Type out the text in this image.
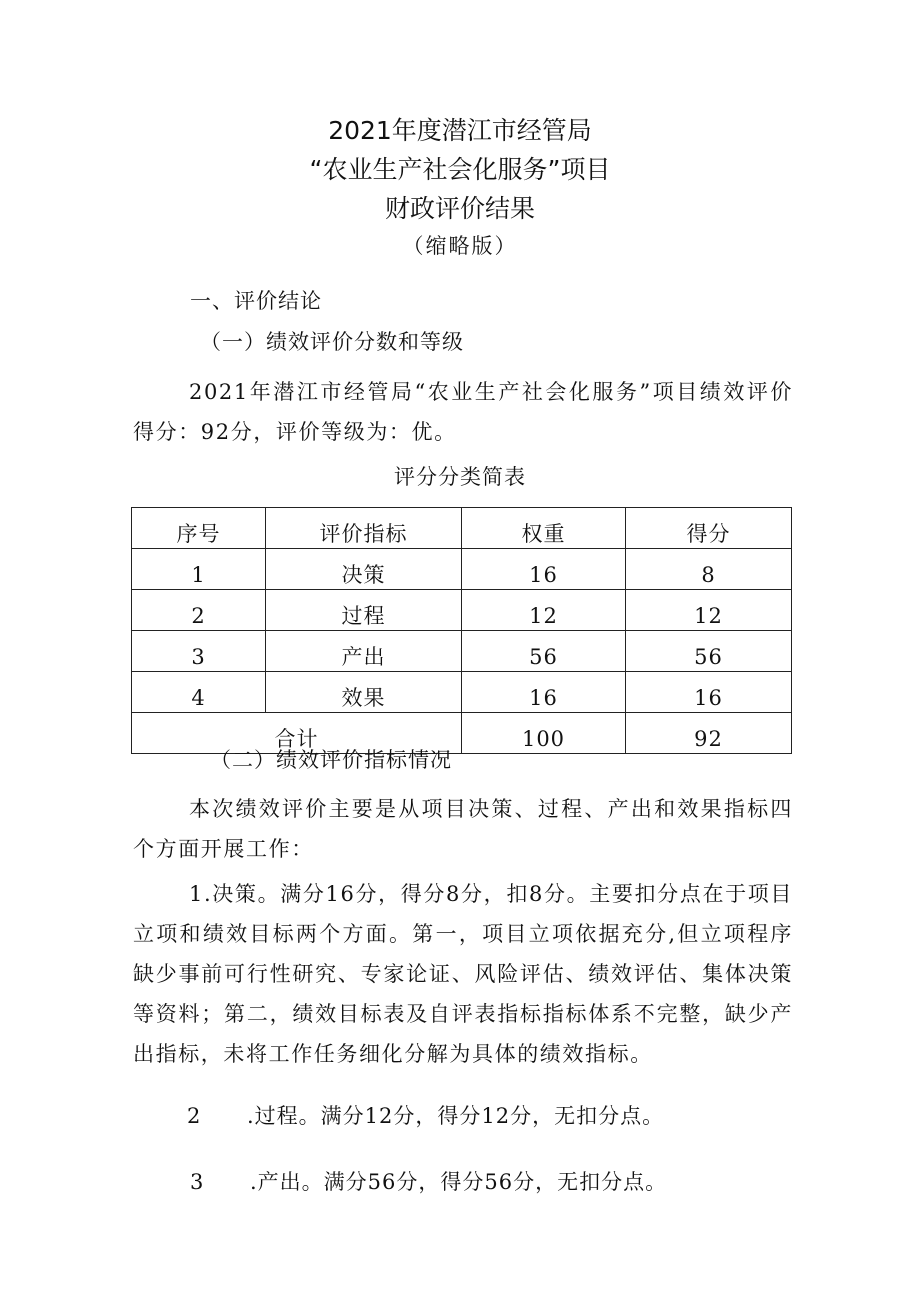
2021年度潜江市经管局
“农业生产社会化服务”项目
财政评价结果
（缩略版）
一、评价结论
（一）绩效评价分数和等级
2021年潜江市经管局“农业生产社会化服务”项目绩效评价得分：92分，评价等级为：优。
评分分类简表
序号	评价指标	权重	得分
1	决策	16	8
2	过程	12	12
3	产出	56	56
4	效果	16	16
合计		100	92
（二）绩效评价指标情况
本次绩效评价主要是从项目决策、过程、产出和效果指标四个方面开展工作：
1.决策。满分16分，得分8分，扣8分。主要扣分点在于项目立项和绩效目标两个方面。第一，项目立项依据充分,但立项程序缺少事前可行性研究、专家论证、风险评估、绩效评估、集体决策等资料；第二，绩效目标表及自评表指标指标体系不完整，缺少产出指标，未将工作任务细化分解为具体的绩效指标。
2 .过程。满分12分，得分12分，无扣分点。
3 .产出。满分56分，得分56分，无扣分点。
